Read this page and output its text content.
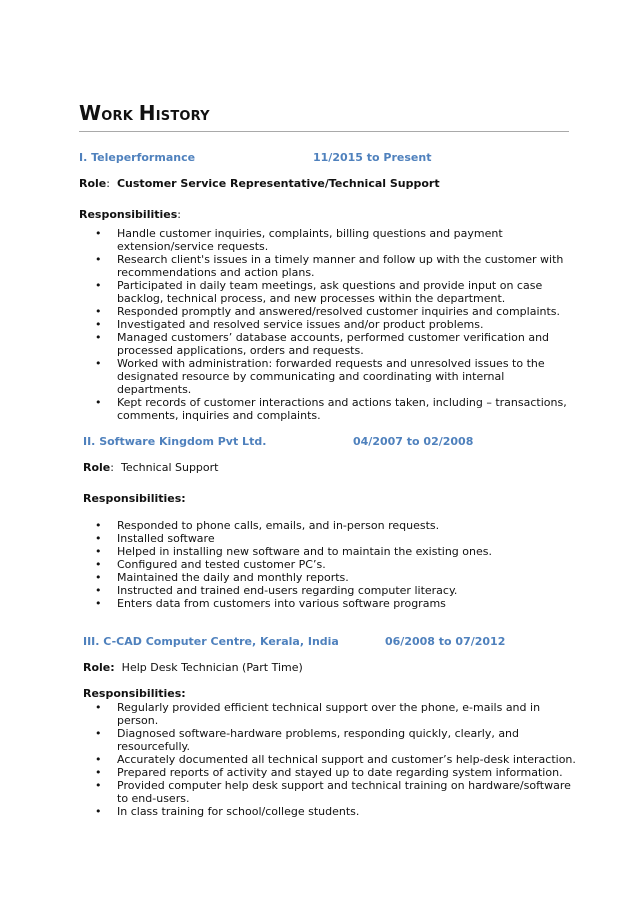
WORK HISTORY
I. Teleperformance	11/2015 to Present
Role: Customer Service Representative/Technical Support
Responsibilities:
• Handle customer inquiries, complaints, billing questions and payment extension/service requests.
• Research client's issues in a timely manner and follow up with the customer with recommendations and action plans.
• Participated in daily team meetings, ask questions and provide input on case backlog, technical process, and new processes within the department.
• Responded promptly and answered/resolved customer inquiries and complaints.
• Investigated and resolved service issues and/or product problems.
• Managed customers’ database accounts, performed customer verification and processed applications, orders and requests.
• Worked with administration: forwarded requests and unresolved issues to the designated resource by communicating and coordinating with internal departments.
• Kept records of customer interactions and actions taken, including – transactions, comments, inquiries and complaints.
II. Software Kingdom Pvt Ltd.	04/2007 to 02/2008
Role: Technical Support
Responsibilities:
• Responded to phone calls, emails, and in-person requests.
• Installed software
• Helped in installing new software and to maintain the existing ones.
• Configured and tested customer PC’s.
• Maintained the daily and monthly reports.
• Instructed and trained end-users regarding computer literacy.
• Enters data from customers into various software programs
III. C-CAD Computer Centre, Kerala, India	06/2008 to 07/2012
Role: Help Desk Technician (Part Time)
Responsibilities:
• Regularly provided efficient technical support over the phone, e-mails and in person.
• Diagnosed software-hardware problems, responding quickly, clearly, and resourcefully.
• Accurately documented all technical support and customer’s help-desk interaction.
• Prepared reports of activity and stayed up to date regarding system information.
• Provided computer help desk support and technical training on hardware/software to end-users.
• In class training for school/college students.
